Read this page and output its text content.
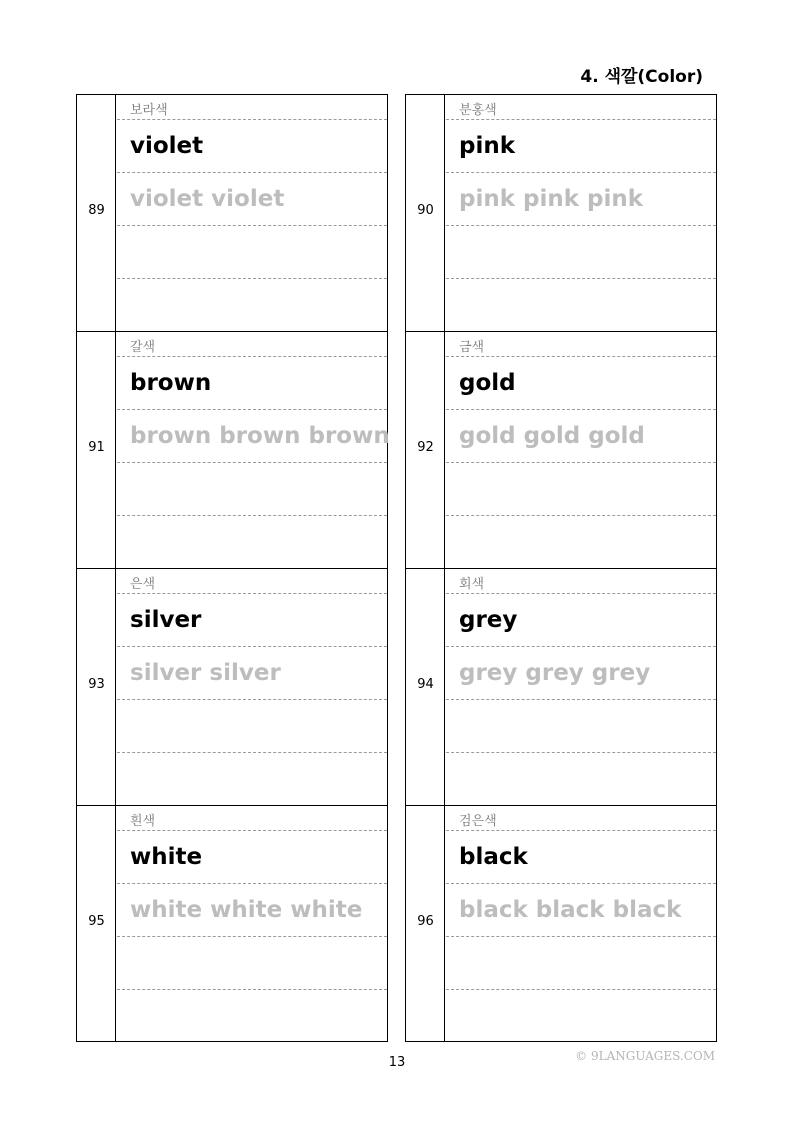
4. 색깔(Color)
89
보라색
violet
violet violet	90
분홍색
pink
pink pink pink
91
갈색
brown
brown brown brown	92
금색
gold
gold gold gold
93
은색
silver
silver silver	94
회색
grey
grey grey grey
95
흰색
white
white white white	96
검은색
black
black black black
13	© 9LANGUAGES.COM
